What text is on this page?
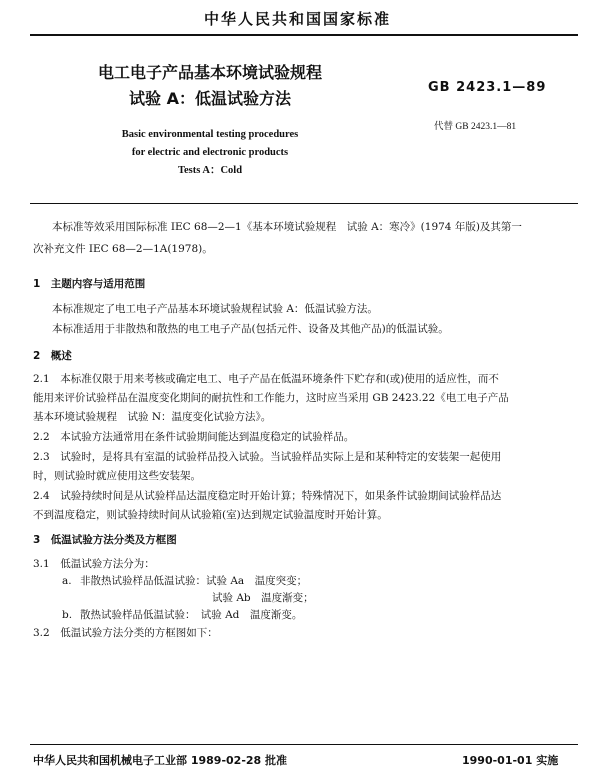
中华人民共和国国家标准
电工电子产品基本环境试验规程
试验 A：低温试验方法
GB 2423.1—89
代替 GB 2423.1—81
Basic environmental testing procedures
for electric and electronic products
Tests A：Cold
本标准等效采用国际标准 IEC 68—2—1《基本环境试验规程　试验 A：寒冷》(1974 年版)及其第一
次补充文件 IEC 68—2—1A(1978)。
1　主题内容与适用范围
本标准规定了电工电子产品基本环境试验规程试验 A：低温试验方法。
本标准适用于非散热和散热的电工电子产品(包括元件、设备及其他产品)的低温试验。
2　概述
2.1　本标准仅限于用来考核或确定电工、电子产品在低温环境条件下贮存和(或)使用的适应性，而不
能用来评价试验样品在温度变化期间的耐抗性和工作能力，这时应当采用 GB 2423.22《电工电子产品
基本环境试验规程　试验 N：温度变化试验方法》。
2.2　本试验方法通常用在条件试验期间能达到温度稳定的试验样品。
2.3　试验时，是将具有室温的试验样品投入试验。当试验样品实际上是和某种特定的安装架一起使用
时，则试验时就应使用这些安装架。
2.4　试验持续时间是从试验样品达温度稳定时开始计算；特殊情况下，如果条件试验期间试验样品达
不到温度稳定，则试验持续时间从试验箱(室)达到规定试验温度时开始计算。
3　低温试验方法分类及方框图
3.1　低温试验方法分为：
a. 非散热试验样品低温试验：试验 Aa　温度突变；
试验 Ab　温度渐变；
b. 散热试验样品低温试验：　试验 Ad　温度渐变。
3.2　低温试验方法分类的方框图如下：
中华人民共和国机械电子工业部 1989-02-28 批准	1990-01-01 实施
